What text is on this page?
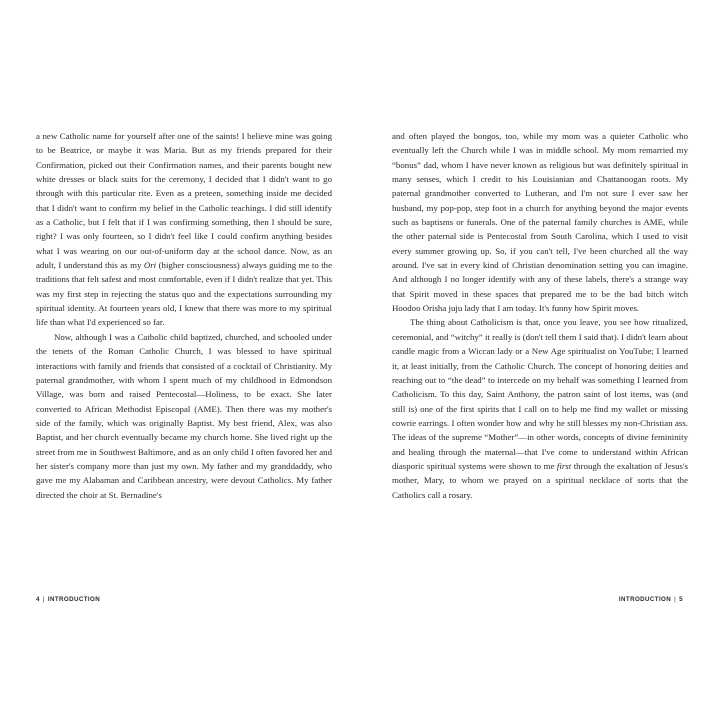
a new Catholic name for yourself after one of the saints! I believe mine was going to be Beatrice, or maybe it was Maria. But as my friends prepared for their Confirmation, picked out their Confirmation names, and their parents bought new white dresses or black suits for the ceremony, I decided that I didn't want to go through with this particular rite. Even as a preteen, something inside me decided that I didn't want to confirm my belief in the Catholic teachings. I did still identify as a Catholic, but I felt that if I was confirming something, then I should be sure, right? I was only fourteen, so I didn't feel like I could confirm anything besides what I was wearing on our out-of-uniform day at the school dance. Now, as an adult, I understand this as my Ori (higher consciousness) always guiding me to the traditions that felt safest and most comfortable, even if I didn't realize that yet. This was my first step in rejecting the status quo and the expectations surrounding my spiritual identity. At fourteen years old, I knew that there was more to my spiritual life than what I'd experienced so far.

Now, although I was a Catholic child baptized, churched, and schooled under the tenets of the Roman Catholic Church, I was blessed to have spiritual interactions with family and friends that consisted of a cocktail of Christianity. My paternal grandmother, with whom I spent much of my childhood in Edmondson Village, was born and raised Pentecostal—Holiness, to be exact. She later converted to African Methodist Episcopal (AME). Then there was my mother's side of the family, which was originally Baptist. My best friend, Alex, was also Baptist, and her church eventually became my church home. She lived right up the street from me in Southwest Baltimore, and as an only child I often favored her and her sister's company more than just my own. My father and my granddaddy, who gave me my Alabaman and Caribbean ancestry, were devout Catholics. My father directed the choir at St. Bernadine's

and often played the bongos, too, while my mom was a quieter Catholic who eventually left the Church while I was in middle school. My mom remarried my “bonus” dad, whom I have never known as religious but was definitely spiritual in many senses, which I credit to his Louisianian and Chattanoogan roots. My paternal grandmother converted to Lutheran, and I'm not sure I ever saw her husband, my pop-pop, step foot in a church for anything beyond the major events such as baptisms or funerals. One of the paternal family churches is AME, while the other paternal side is Pentecostal from South Carolina, which I used to visit every summer growing up. So, if you can't tell, I've been churched all the way around. I've sat in every kind of Christian denomination setting you can imagine. And although I no longer identify with any of these labels, there's a strange way that Spirit moved in these spaces that prepared me to be the bad bitch witch Hoodoo Orisha juju lady that I am today. It's funny how Spirit moves.

The thing about Catholicism is that, once you leave, you see how ritualized, ceremonial, and “witchy” it really is (don't tell them I said that). I didn't learn about candle magic from a Wiccan lady or a New Age spiritualist on YouTube; I learned it, at least initially, from the Catholic Church. The concept of honoring deities and reaching out to “the dead” to intercede on my behalf was something I learned from Catholicism. To this day, Saint Anthony, the patron saint of lost items, was (and still is) one of the first spirits that I call on to help me find my wallet or missing cowrie earrings. I often wonder how and why he still blesses my non-Christian ass. The ideas of the supreme “Mother”—in other words, concepts of divine femininity and healing through the maternal—that I've come to understand within African diasporic spiritual systems were shown to me first through the exaltation of Jesus's mother, Mary, to whom we prayed on a spiritual necklace of sorts that the Catholics call a rosary.

4 | INTRODUCTION	INTRODUCTION | 5
